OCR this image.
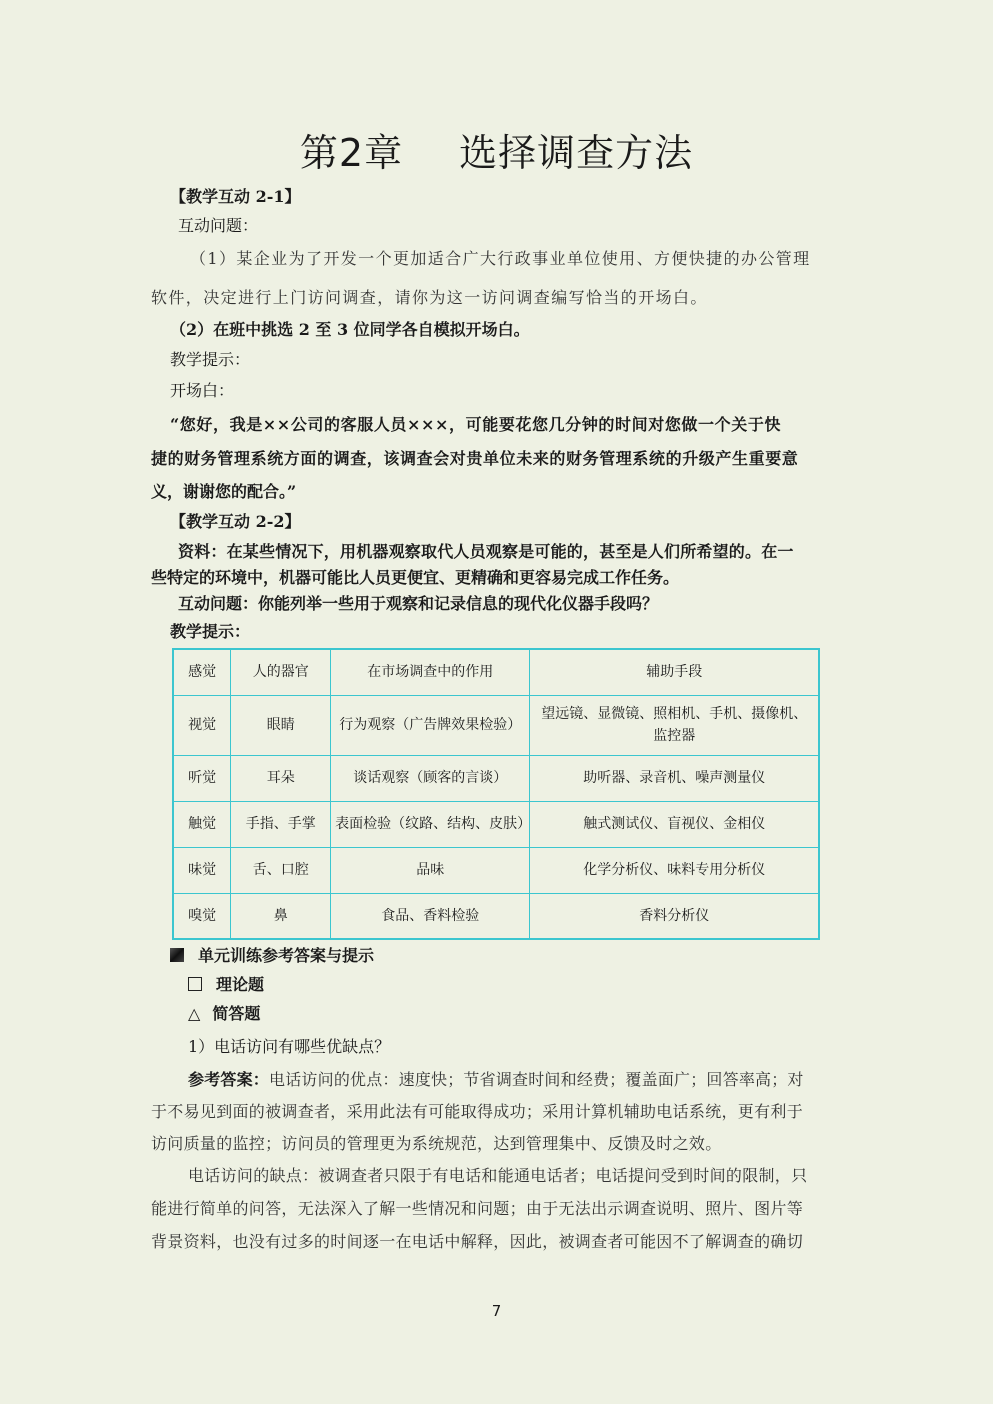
第2章 选择调查方法
【教学互动 2-1】
互动问题：
（1）某企业为了开发一个更加适合广大行政事业单位使用、方便快捷的办公管理
软件，决定进行上门访问调查，请你为这一访问调查编写恰当的开场白。
（2）在班中挑选 2 至 3 位同学各自模拟开场白。
教学提示：
开场白：
“您好，我是××公司的客服人员×××，可能要花您几分钟的时间对您做一个关于快
捷的财务管理系统方面的调查，该调查会对贵单位未来的财务管理系统的升级产生重要意
义，谢谢您的配合。”
【教学互动 2-2】
资料：在某些情况下，用机器观察取代人员观察是可能的，甚至是人们所希望的。在一
些特定的环境中，机器可能比人员更便宜、更精确和更容易完成工作任务。
互动问题：你能列举一些用于观察和记录信息的现代化仪器手段吗？
教学提示：
感觉	人的器官	在市场调查中的作用	辅助手段
视觉	眼睛	行为观察（广告牌效果检验）	望远镜、显微镜、照相机、手机、摄像机、
监控器

听觉	耳朵	谈话观察（顾客的言谈）	助听器、录音机、噪声测量仪
触觉	手指、手掌	表面检验（纹路、结构、皮肤）	触式测试仪、盲视仪、金相仪
味觉	舌、口腔	品味	化学分析仪、味料专用分析仪
嗅觉	鼻	食品、香料检验	香料分析仪
单元训练参考答案与提示
理论题
△ 简答题
1）电话访问有哪些优缺点？
参考答案：电话访问的优点：速度快；节省调查时间和经费；覆盖面广；回答率高；对
于不易见到面的被调查者，采用此法有可能取得成功；采用计算机辅助电话系统，更有利于
访问质量的监控；访问员的管理更为系统规范，达到管理集中、反馈及时之效。
电话访问的缺点：被调查者只限于有电话和能通电话者；电话提问受到时间的限制，只
能进行简单的问答，无法深入了解一些情况和问题；由于无法出示调查说明、照片、图片等
背景资料，也没有过多的时间逐一在电话中解释，因此，被调查者可能因不了解调查的确切
7
